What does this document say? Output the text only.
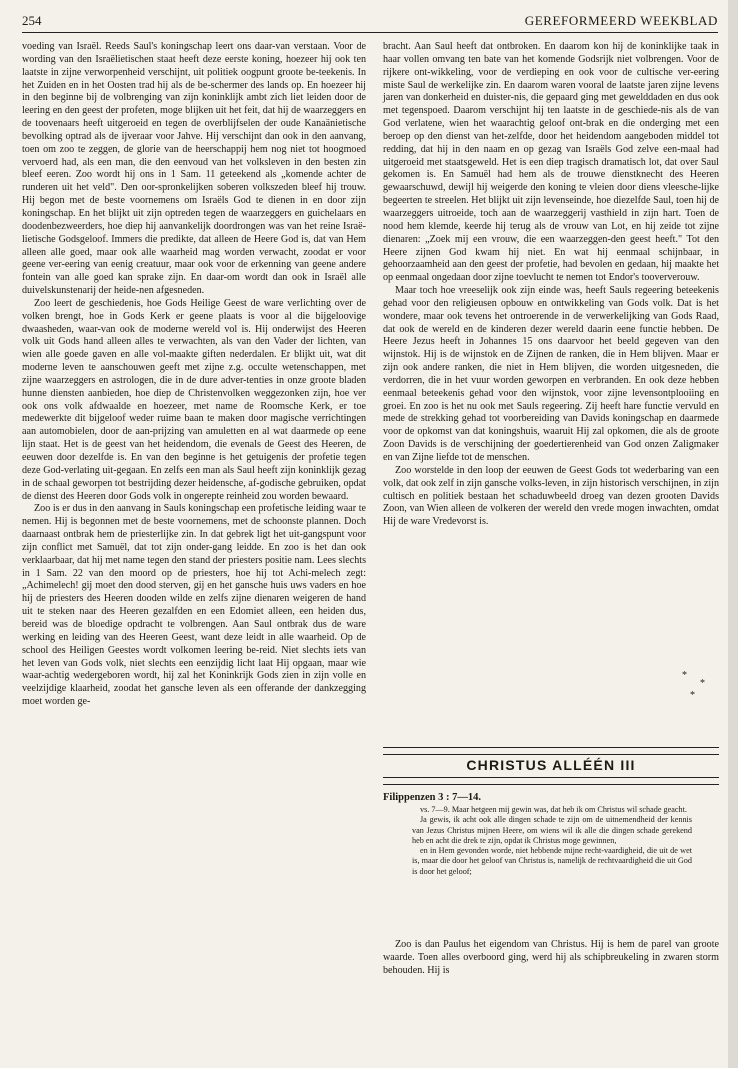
254	GEREFORMEERD WEEKBLAD

voeding van Israël. Reeds Saul's koningschap leert ons daar-van verstaan. Voor de wording van den Israëlietischen staat heeft deze eerste koning, hoezeer hij ook ten laatste in zijne verworpenheid verschijnt, uit politiek oogpunt groote be-teekenis. In het Zuiden en in het Oosten trad hij als de be-schermer des lands op. En hoezeer hij in den beginne bij de volbrenging van zijn koninklijk ambt zich liet leiden door de leering en den geest der profeten, moge blijken uit het feit, dat hij de waarzeggers en de toovenaars heeft uitgeroeid en tegen de overblijfselen der oude Kanaänietische bevolking optrad als de ijveraar voor Jahve. Hij verschijnt dan ook in den aanvang, toen om zoo te zeggen, de glorie van de heerschappij hem nog niet tot hoogmoed vervoerd had, als een man, die den eenvoud van het volksleven in den besten zin bleef eeren. Zoo wordt hij ons in 1 Sam. 11 geteekend als „komende achter de runderen uit het veld". Den oor-spronkelijken soberen volkszeden bleef hij trouw. Hij begon met de beste voornemens om Israëls God te dienen in en door zijn koningschap. En het blijkt uit zijn optreden tegen de waarzeggers en guichelaars en doodenbezweerders, hoe diep hij aanvankelijk doordrongen was van het reine Israë-lietische Godsgeloof. Immers die predikte, dat alleen de Heere God is, dat van Hem alleen alle goed, maar ook alle waarheid mag worden verwacht, zoodat er voor geene ver-eering van eenig creatuur, maar ook voor de erkenning van geene andere fontein van alle goed kan sprake zijn. En daar-om wordt dan ook in Israël alle duivelskunstenarij der heide-nen afgesneden.

Zoo leert de geschiedenis, hoe Gods Heilige Geest de ware verlichting over de volken brengt, hoe in Gods Kerk er geene plaats is voor al die bijgeloovige dwaasheden, waar-van ook de moderne wereld vol is. Hij onderwijst des Heeren volk uit Gods hand alleen alles te verwachten, als van den Vader der lichten, van wien alle goede gaven en alle vol-maakte giften nederdalen. Er blijkt uit, wat dit moderne leven te aanschouwen geeft met zijne z.g. occulte wetenschappen, met zijne waarzeggers en astrologen, die in de dure adver-tenties in onze groote bladen hunne diensten aanbieden, hoe diep de Christenvolken weggezonken zijn, hoe ver ook ons volk afdwaalde en hoezeer, met name de Roomsche Kerk, er toe medewerkte dit bijgeloof weder ruime baan te maken door magische verrichtingen aan automobielen, door de aan-prijzing van amuletten en al wat daarmede op eene lijn staat. Het is de geest van het heidendom, die evenals de Geest des Heeren, de eeuwen door dezelfde is. En van den beginne is het getuigenis der profetie tegen deze God-verlating uit-gegaan. En zelfs een man als Saul heeft zijn koninklijk gezag in de schaal geworpen tot bestrijding dezer heidensche, af-godische gebruiken, opdat de dienst des Heeren door Gods volk in ongerepte reinheid zou worden bewaard.

Zoo is er dus in den aanvang in Sauls koningschap een profetische leiding waar te nemen. Hij is begonnen met de beste voornemens, met de schoonste plannen. Doch daarnaast ontbrak hem de priesterlijke zin. In dat gebrek ligt het uit-gangspunt voor zijn conflict met Samuël, dat tot zijn onder-gang leidde. En zoo is het dan ook verklaarbaar, dat hij met name tegen den stand der priesters positie nam. Lees slechts in 1 Sam. 22 van den moord op de priesters, hoe hij tot Achi-melech zegt: „Achimelech! gij moet den dood sterven, gij en het gansche huis uws vaders en hoe hij de priesters des Heeren dooden wilde en zelfs zijne dienaren weigeren de hand uit te steken naar des Heeren gezalfden en een Edomiet alleen, een heiden dus, bereid was de bloedige opdracht te volbrengen. Aan Saul ontbrak dus de ware werking en leiding van des Heeren Geest, want deze leidt in alle waarheid. Op de school des Heiligen Geestes wordt volkomen leering be-reid. Niet slechts iets van het leven van Gods volk, niet slechts een eenzijdig licht laat Hij opgaan, maar wie waar-achtig wedergeboren wordt, hij zal het Koninkrijk Gods zien in zijn volle en veelzijdige klaarheid, zoodat het gansche leven als een offerande der dankzegging moet worden ge-

bracht. Aan Saul heeft dat ontbroken. En daarom kon hij de koninklijke taak in haar vollen omvang ten bate van het komende Godsrijk niet volbrengen. Voor de rijkere ont-wikkeling, voor de verdieping en ook voor de cultische ver-eering miste Saul de werkelijke zin. En daarom waren vooral de laatste jaren zijne levens jaren van donkerheid en duister-nis, die gepaard ging met gewelddaden en dus ook met tegenspoed. Daarom verschijnt hij ten laatste in de geschiede-nis als de van God verlatene, wien het waarachtig geloof ont-brak en die onderging met een beroep op den dienst van het-zelfde, door het heidendom aangeboden middel tot redding, dat hij in den naam en op gezag van Israëls God zelve een-maal had uitgeroeid met staatsgeweld. Het is een diep tragisch dramatisch lot, dat over Saul gekomen is. En Samuël had hem als de trouwe dienstknecht des Heeren gewaarschuwd, dewijl hij weigerde den koning te vleien door diens vleesche-lijke begeerten te streelen. Het blijkt uit zijn levenseinde, hoe diezelfde Saul, toen hij de waarzeggers uitroeide, toch aan de waarzeggerij vasthield in zijn hart. Toen de nood hem klemde, keerde hij terug als de vrouw van Lot, en hij zeide tot zijne dienaren: „Zoek mij een vrouw, die een waarzeggen-den geest heeft." Tot den Heere zijnen God kwam hij niet. En wat hij eenmaal schijnbaar, in gehoorzaamheid aan den geest der profetie, had bevolen en gedaan, hij maakte het op eenmaal ongedaan door zijne toevlucht te nemen tot Endor's tooververouw.

Maar toch hoe vreeselijk ook zijn einde was, heeft Sauls regeering beteekenis gehad voor den religieusen opbouw en ontwikkeling van Gods volk. Dat is het wondere, maar ook tevens het ontroerende in de verwerkelijking van Gods Raad, dat ook de wereld en de kinderen dezer wereld daarin eene functie hebben. De Heere Jezus heeft in Johannes 15 ons daarvoor het beeld gegeven van den wijnstok. Hij is de wijnstok en de Zijnen de ranken, die in Hem blijven. Maar er zijn ook andere ranken, die niet in Hem blijven, die worden uitgesneden, die verdorren, die in het vuur worden geworpen en verbranden. En ook deze hebben eenmaal beteekenis gehad voor den wijnstok, voor zijne levensontplooiing en groei. En zoo is het nu ook met Sauls regeering. Zij heeft hare functie vervuld en mede de strekking gehad tot voorbereiding van Davids koningschap en daarmede voor de opkomst van dat koningshuis, waaruit Hij zal opkomen, die als de groote Zoon Davids is de verschijning der goedertierenheid van God onzen Zaligmaker en van Zijne liefde tot de menschen.

Zoo worstelde in den loop der eeuwen de Geest Gods tot wederbaring van een volk, dat ook zelf in zijn gansche volks-leven, in zijn historisch verschijnen, in zijn cultisch en politiek bestaan het schaduwbeeld droeg van dezen grooten Davids Zoon, van Wien alleen de volkeren der wereld den vrede mogen inwachten, omdat Hij de ware Vredevorst is.

*
*
*
CHRISTUS ALLÉÉN III
Filippenzen 3 : 7—14.

vs. 7—9. Maar hetgeen mij gewin was, dat heb ik om Christus wil schade geacht.

Ja gewis, ik acht ook alle dingen schade te zijn om de uitnemendheid der kennis van Jezus Christus mijnen Heere, om wiens wil ik alle die dingen schade gerekend heb en acht die drek te zijn, opdat ik Christus moge gewinnen,

en in Hem gevonden worde, niet hebbende mijne recht-vaardigheid, die uit de wet is, maar die door het geloof van Christus is, namelijk de rechtvaardigheid die uit God is door het geloof;

Zoo is dan Paulus het eigendom van Christus. Hij is hem de parel van groote waarde. Toen alles overboord ging, werd hij als schipbreukeling in zwaren storm behouden. Hij is
